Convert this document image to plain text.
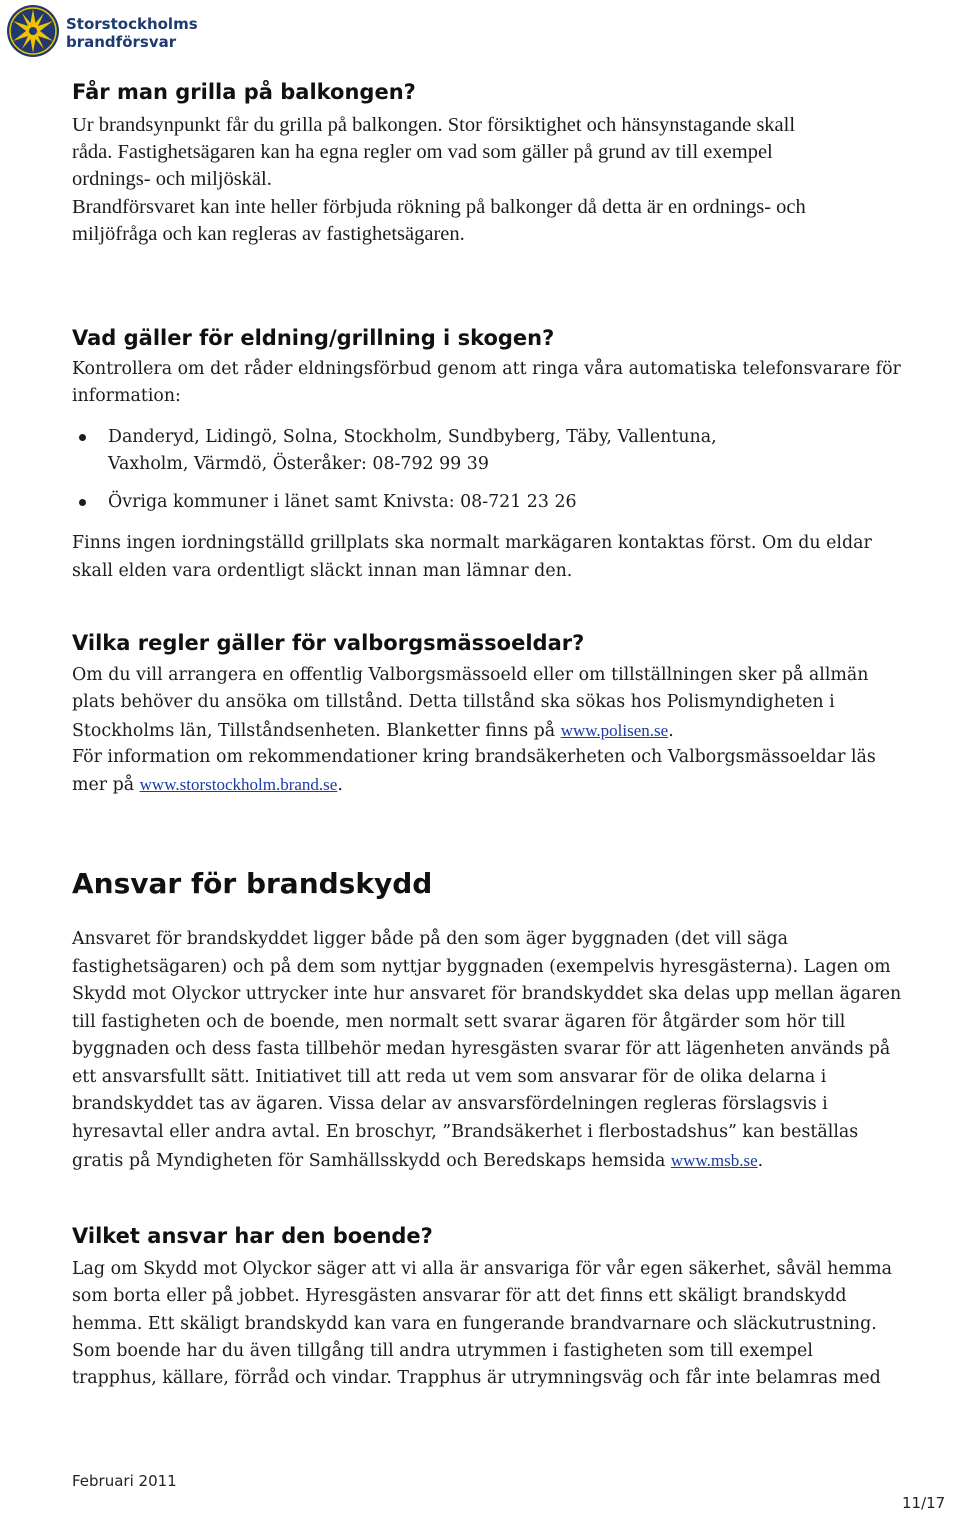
Storstockholms
brandförsvar
Får man grilla på balkongen?
Ur brandsynpunkt får du grilla på balkongen. Stor försiktighet och hänsynstagande skall
råda. Fastighetsägaren kan ha egna regler om vad som gäller på grund av till exempel
ordnings- och miljöskäl.
Brandförsvaret kan inte heller förbjuda rökning på balkonger då detta är en ordnings- och
miljöfråga och kan regleras av fastighetsägaren.
Vad gäller för eldning/grillning i skogen?
Kontrollera om det råder eldningsförbud genom att ringa våra automatiska telefonsvarare för
information:
Danderyd, Lidingö, Solna, Stockholm, Sundbyberg, Täby, Vallentuna,
Vaxholm, Värmdö, Österåker: 08-792 99 39
Övriga kommuner i länet samt Knivsta: 08-721 23 26
Finns ingen iordningställd grillplats ska normalt markägaren kontaktas först. Om du eldar
skall elden vara ordentligt släckt innan man lämnar den.
Vilka regler gäller för valborgsmässoeldar?
Om du vill arrangera en offentlig Valborgsmässoeld eller om tillställningen sker på allmän
plats behöver du ansöka om tillstånd. Detta tillstånd ska sökas hos Polismyndigheten i
Stockholms län, Tillståndsenheten. Blanketter finns på www.polisen.se.
För information om rekommendationer kring brandsäkerheten och Valborgsmässoeldar läs
mer på www.storstockholm.brand.se.
Ansvar för brandskydd
Ansvaret för brandskyddet ligger både på den som äger byggnaden (det vill säga
fastighetsägaren) och på dem som nyttjar byggnaden (exempelvis hyresgästerna). Lagen om
Skydd mot Olyckor uttrycker inte hur ansvaret för brandskyddet ska delas upp mellan ägaren
till fastigheten och de boende, men normalt sett svarar ägaren för åtgärder som hör till
byggnaden och dess fasta tillbehör medan hyresgästen svarar för att lägenheten används på
ett ansvarsfullt sätt. Initiativet till att reda ut vem som ansvarar för de olika delarna i
brandskyddet tas av ägaren. Vissa delar av ansvarsfördelningen regleras förslagsvis i
hyresavtal eller andra avtal. En broschyr, ”Brandsäkerhet i flerbostadshus” kan beställas
gratis på Myndigheten för Samhällsskydd och Beredskaps hemsida www.msb.se.
Vilket ansvar har den boende?
Lag om Skydd mot Olyckor säger att vi alla är ansvariga för vår egen säkerhet, såväl hemma
som borta eller på jobbet. Hyresgästen ansvarar för att det finns ett skäligt brandskydd
hemma. Ett skäligt brandskydd kan vara en fungerande brandvarnare och släckutrustning.
Som boende har du även tillgång till andra utrymmen i fastigheten som till exempel
trapphus, källare, förråd och vindar. Trapphus är utrymningsväg och får inte belamras med
Februari 2011
11/17
